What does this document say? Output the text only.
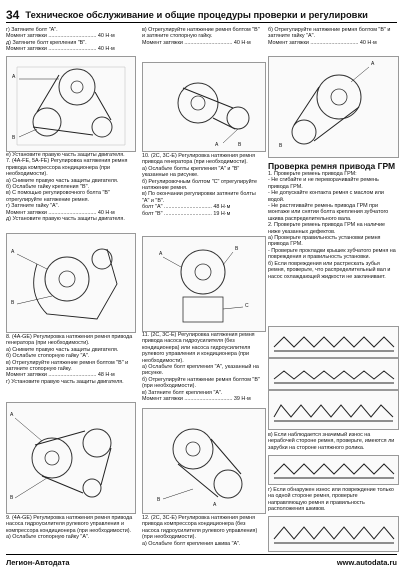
34 Техническое обслуживание и общие процедуры проверки и регулировки

г) Затяните болт "A".

Момент затяжки ................................ 40 Н·м

д) Затяните болт крепления "B".

Момент затяжки ................................ 40 Н·м

A
B

е) Установите правую часть защиты двигателя.

7. (4A-FE, 5A-FE) Регулировка натяжения ремня привода компрессора кондиционера (при необходимости).

а) Снимите правую часть защиты двигателя.

б) Ослабьте гайку крепления "B".

в) С помощью регулировочного болта "B" отрегулируйте натяжение ремня.

г) Затяните гайку "A".

Момент затяжки ................................ 40 Н·м

д) Установите правую часть защиты двигателя.

A
B

8. (4A-GE) Регулировка натяжения ремня привода генератора (при необходимости).

а) Снимите правую часть защиты двигателя.

б) Ослабьте стопорную гайку "A".

в) Отрегулируйте натяжение ремня болтом "B" и затяните стопорную гайку.

Момент затяжки ................................ 48 Н·м

г) Установите правую часть защиты двигателя.

A
B

9. (4A-GE) Регулировка натяжения ремня привода насоса гидроусилителя рулевого управления и компрессора кондиционера (при необходимости).

а) Ослабьте стопорную гайку "A".

в) Отрегулируйте натяжение ремня болтом "B" и затяните стопорную гайку.

Момент затяжки ................................ 40 Н·м

A	B

10. (2C, 3C-E) Регулировка натяжения ремня привода генератора (при необходимости).

а) Ослабьте болты крепления "A" и "B" указанные на рисунке.

б) Регулировочным болтом "C" отрегулируйте натяжение ремня.

в) По окончании регулировки затяните болты "A" и "B".

болт "A" ................................ 48 Н·м

болт "B" ................................ 19 Н·м

A
B
C

11. (2C, 3C-E) Регулировка натяжения ремня привода насоса гидроусилителя (без кондиционера) или насоса гидроусилителя рулевого управления и кондиционера (при необходимости).

а) Ослабьте болт крепления "A", указанный на рисунке.

б) Отрегулируйте натяжение ремня болтом "B" (при необходимости).

в) Затяните болт крепления "A".

Момент затяжки ................................ 39 Н·м

A
B

12. (2C, 3C-E) Регулировка натяжения ремня привода компрессора кондиционера (без насоса гидроусилителя рулевого управления) (при необходимости).

а) Ослабьте болт крепления шкива "A".

б) Отрегулируйте натяжение ремня болтом "B" и затяните гайку "A".

Момент затяжки ................................ 40 Н·м

A
B

Проверка ремня привода ГРМ

1. Проверьте ремень привода ГРМ:

- Не сгибайте и не переворачивайте ремень привода ГРМ.

- Не допускайте контакта ремня с маслом или водой.

- Не растягивайте ремень привода ГРМ при монтаже или снятии болта крепления зубчатого шкива распределительного вала.

2. Проверьте ремень привода ГРМ на наличие ниже указанных дефектов.

а) Проверьте правильность установки ремня привода ГРМ.

- Проверьте прокладки крышек зубчатого ремня на повреждения и правильность установки.

б) Если повреждения или растрескать зубья ремня, проверьте, что распределительный вал и насос охлаждающей жидкости не заклинивает.

в) Если наблюдается значимый износ на нерабочей стороне ремня, проверьте, имеются ли зарубки на стороне натяжного ролика.

г) Если обнаружен износ или повреждение только на одной стороне ремня, проверьте направляющую ремня и правильность расположения шкивов.

Легион-Автодата	www.autodata.ru
